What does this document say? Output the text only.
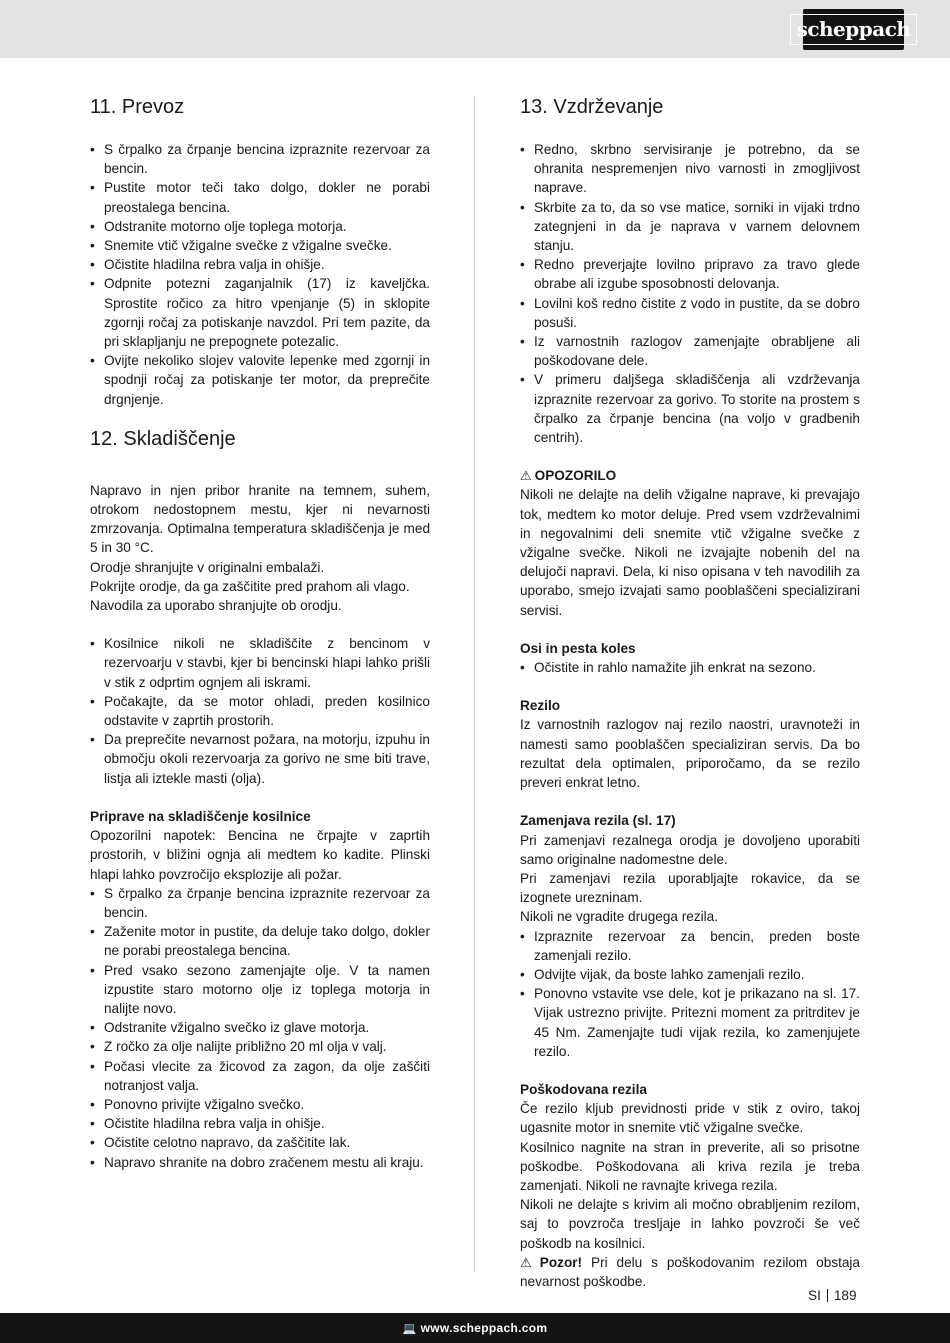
scheppach
11. Prevoz
• S črpalko za črpanje bencina izpraznite rezervoar za bencin.
• Pustite motor teči tako dolgo, dokler ne porabi preostalega bencina.
• Odstranite motorno olje toplega motorja.
• Snemite vtič vžigalne svečke z vžigalne svečke.
• Očistite hladilna rebra valja in ohišje.
• Odpnite potezni zaganjalnik (17) iz kaveljčka. Sprostite ročico za hitro vpenjanje (5) in sklopite zgornji ročaj za potiskanje navzdol. Pri tem pazite, da pri sklapljanju ne prepognete potezalic.
• Ovijte nekoliko slojev valovite lepenke med zgornji in spodnji ročaj za potiskanje ter motor, da preprečite drgnjenje.
12. Skladiščenje

Napravo in njen pribor hranite na temnem, suhem, otrokom nedostopnem mestu, kjer ni nevarnosti zmrzovanja. Optimalna temperatura skladiščenja je med 5 in 30 °C.

Orodje shranjujte v originalni embalaži.

Pokrijte orodje, da ga zaščitite pred prahom ali vlago.

Navodila za uporabo shranjujte ob orodju.

• Kosilnice nikoli ne skladiščite z bencinom v rezervoarju v stavbi, kjer bi bencinski hlapi lahko prišli v stik z odprtim ognjem ali iskrami.
• Počakajte, da se motor ohladi, preden kosilnico odstavite v zaprtih prostorih.
• Da preprečite nevarnost požara, na motorju, izpuhu in območju okoli rezervoarja za gorivo ne sme biti trave, listja ali iztekle masti (olja).

Priprave na skladiščenje kosilnice

Opozorilni napotek: Bencina ne črpajte v zaprtih prostorih, v bližini ognja ali medtem ko kadite. Plinski hlapi lahko povzročijo eksplozije ali požar.

• S črpalko za črpanje bencina izpraznite rezervoar za bencin.
• Zaženite motor in pustite, da deluje tako dolgo, dokler ne porabi preostalega bencina.
• Pred vsako sezono zamenjajte olje. V ta namen izpustite staro motorno olje iz toplega motorja in nalijte novo.
• Odstranite vžigalno svečko iz glave motorja.
• Z ročko za olje nalijte približno 20 ml olja v valj.
• Počasi vlecite za žicovod za zagon, da olje zaščiti notranjost valja.
• Ponovno privijte vžigalno svečko.
• Očistite hladilna rebra valja in ohišje.
• Očistite celotno napravo, da zaščitite lak.
• Napravo shranite na dobro zračenem mestu ali kraju.
13. Vzdrževanje
• Redno, skrbno servisiranje je potrebno, da se ohranita nespremenjen nivo varnosti in zmogljivost naprave.
• Skrbite za to, da so vse matice, sorniki in vijaki trdno zategnjeni in da je naprava v varnem delovnem stanju.
• Redno preverjajte lovilno pripravo za travo glede obrabe ali izgube sposobnosti delovanja.
• Lovilni koš redno čistite z vodo in pustite, da se dobro posuši.
• Iz varnostnih razlogov zamenjajte obrabljene ali poškodovane dele.
• V primeru daljšega skladiščenja ali vzdrževanja izpraznite rezervoar za gorivo. To storite na prostem s črpalko za črpanje bencina (na voljo v gradbenih centrih).

⚠ OPOZORILO

Nikoli ne delajte na delih vžigalne naprave, ki prevajajo tok, medtem ko motor deluje. Pred vsem vzdrževalnimi in negovalnimi deli snemite vtič vžigalne svečke z vžigalne svečke. Nikoli ne izvajajte nobenih del na delujoči napravi. Dela, ki niso opisana v teh navodilih za uporabo, smejo izvajati samo pooblaščeni specializirani servisi.

Osi in pesta koles

• Očistite in rahlo namažite jih enkrat na sezono.

Rezilo

Iz varnostnih razlogov naj rezilo naostri, uravnoteži in namesti samo pooblaščen specializiran servis. Da bo rezultat dela optimalen, priporočamo, da se rezilo preveri enkrat letno.

Zamenjava rezila (sl. 17)

Pri zamenjavi rezalnega orodja je dovoljeno uporabiti samo originalne nadomestne dele.

Pri zamenjavi rezila uporabljajte rokavice, da se izognete urezninam.

Nikoli ne vgradite drugega rezila.

• Izpraznite rezervoar za bencin, preden boste zamenjali rezilo.
• Odvijte vijak, da boste lahko zamenjali rezilo.
• Ponovno vstavite vse dele, kot je prikazano na sl. 17. Vijak ustrezno privijte. Pritezni moment za pritrditev je 45 Nm. Zamenjajte tudi vijak rezila, ko zamenjujete rezilo.

Poškodovana rezila

Če rezilo kljub previdnosti pride v stik z oviro, takoj ugasnite motor in snemite vtič vžigalne svečke.

Kosilnico nagnite na stran in preverite, ali so prisotne poškodbe. Poškodovana ali kriva rezila je treba zamenjati. Nikoli ne ravnajte krivega rezila.

Nikoli ne delajte s krivim ali močno obrabljenim rezilom, saj to povzroča tresljaje in lahko povzroči še več poškodb na kosilnici.

⚠ Pozor! Pri delu s poškodovanim rezilom obstaja nevarnost poškodbe.

SI 189
💻 www.scheppach.com
